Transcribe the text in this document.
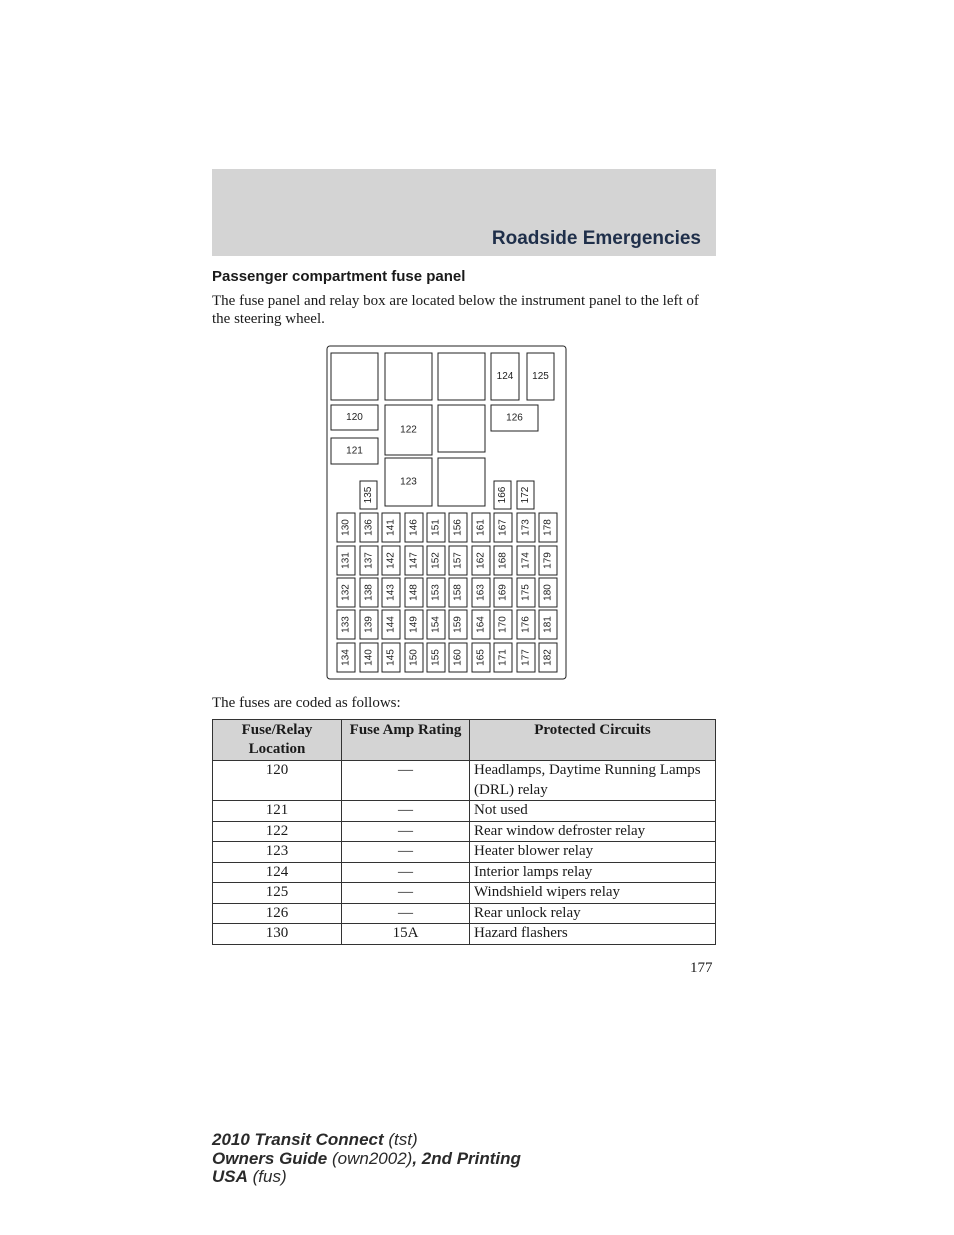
Roadside Emergencies
Passenger compartment fuse panel
The fuse panel and relay box are located below the instrument panel to the left of the steering wheel.
124 125
120
122
126
121
123
135	166 172
130
131
132
133
134
136
137
138
139
140
141
142
143
144
145
146
147
148
149
150
151
152
153
154
155
156
157
158
159
160
161
162
163
164
165
167
168
169
170
171
173
174
175
176
177
178
179
180
181
182
The fuses are coded as follows:
Fuse/Relay Location	Fuse Amp Rating	Protected Circuits
120	—	Headlamps, Daytime Running Lamps (DRL) relay
121	—	Not used
122	—	Rear window defroster relay
123	—	Heater blower relay
124	—	Interior lamps relay
125	—	Windshield wipers relay
126	—	Rear unlock relay
130	15A	Hazard flashers
177
2010 Transit Connect (tst)
Owners Guide (own2002), 2nd Printing
USA (fus)
